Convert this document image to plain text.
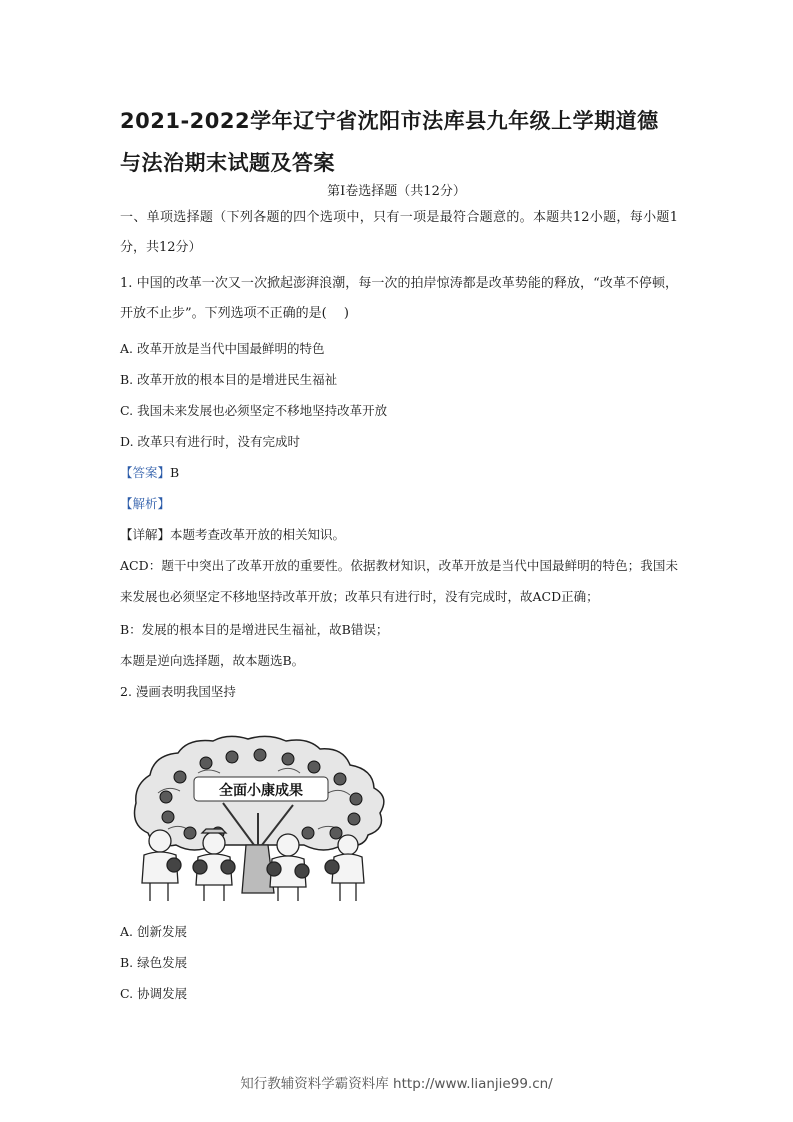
2021-2022学年辽宁省沈阳市法库县九年级上学期道德与法治期末试题及答案
第Ⅰ卷选择题（共12分）
一、单项选择题（下列各题的四个选项中，只有一项是最符合题意的。本题共12小题，每小题1分，共12分）
1. 中国的改革一次又一次掀起澎湃浪潮，每一次的拍岸惊涛都是改革势能的释放，“改革不停顿，开放不止步”。下列选项不正确的是(　 )
A. 改革开放是当代中国最鲜明的特色
B. 改革开放的根本目的是增进民生福祉
C. 我国未来发展也必须坚定不移地坚持改革开放
D. 改革只有进行时，没有完成时
【答案】B
【解析】
【详解】本题考查改革开放的相关知识。
ACD：题干中突出了改革开放的重要性。依据教材知识，改革开放是当代中国最鲜明的特色；我国未来发展也必须坚定不移地坚持改革开放；改革只有进行时，没有完成时，故ACD正确；
B：发展的根本目的是增进民生福祉，故B错误；
本题是逆向选择题，故本题选B。
2. 漫画表明我国坚持
全面小康成果
A. 创新发展
B. 绿色发展
C. 协调发展
知行教辅资料学霸资料库 http://www.lianjie99.cn/
